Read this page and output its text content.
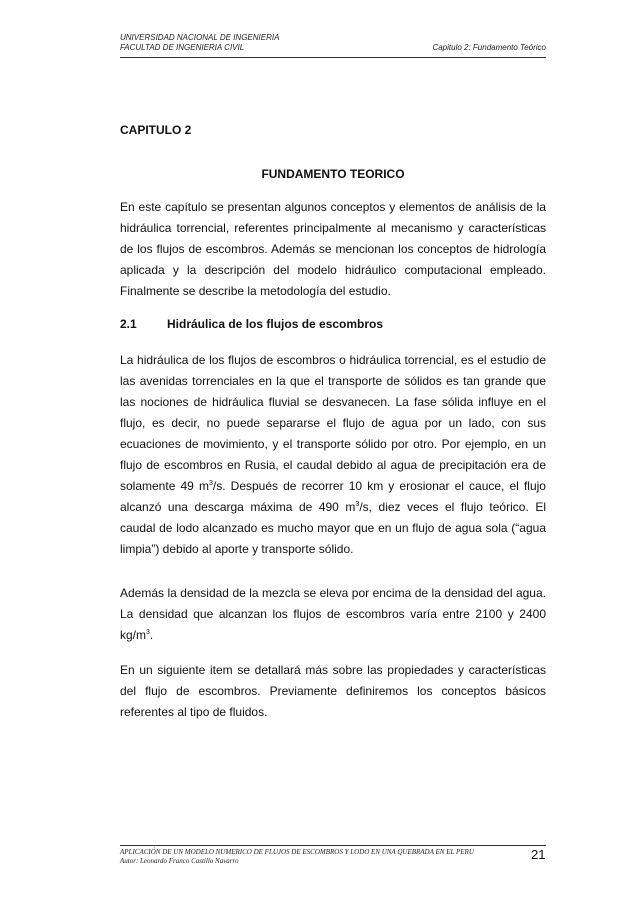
UNIVERSIDAD NACIONAL DE INGENIERIA
FACULTAD DE INGENIERIA CIVIL	Capitulo 2: Fundamento Teórico
CAPITULO 2
FUNDAMENTO TEORICO

En este capítulo se presentan algunos conceptos y elementos de análisis de la hidráulica torrencial, referentes principalmente al mecanismo y características de los flujos de escombros. Además se mencionan los conceptos de hidrología aplicada y la descripción del modelo hidráulico computacional empleado. Finalmente se describe la metodología del estudio.

2.1	Hidráulica de los flujos de escombros

La hidráulica de los flujos de escombros o hidráulica torrencial, es el estudio de las avenidas torrenciales en la que el transporte de sólidos es tan grande que las nociones de hidráulica fluvial se desvanecen. La fase sólida influye en el flujo, es decir, no puede separarse el flujo de agua por un lado, con sus ecuaciones de movimiento, y el transporte sólido por otro. Por ejemplo, en un flujo de escombros en Rusia, el caudal debido al agua de precipitación era de solamente 49 $m^3/s$. Después de recorrer 10 km y erosionar el cauce, el flujo alcanzó una descarga máxima de 490 $m^3/s$, diez veces el flujo teórico. El caudal de lodo alcanzado es mucho mayor que en un flujo de agua sola (“agua limpia”) debido al aporte y transporte sólido.

Además la densidad de la mezcla se eleva por encima de la densidad del agua. La densidad que alcanzan los flujos de escombros varía entre 2100 y 2400 $kg/m^3$.

En un siguiente item se detallará más sobre las propiedades y características del flujo de escombros. Previamente definiremos los conceptos básicos referentes al tipo de fluidos.

APLICACIÓN DE UN MODELO NUMERICO DE FLUJOS DE ESCOMBROS Y LODO EN UNA QUEBRADA EN EL PERU
Autor: Leonardo Franco Castillo Navarro	21
